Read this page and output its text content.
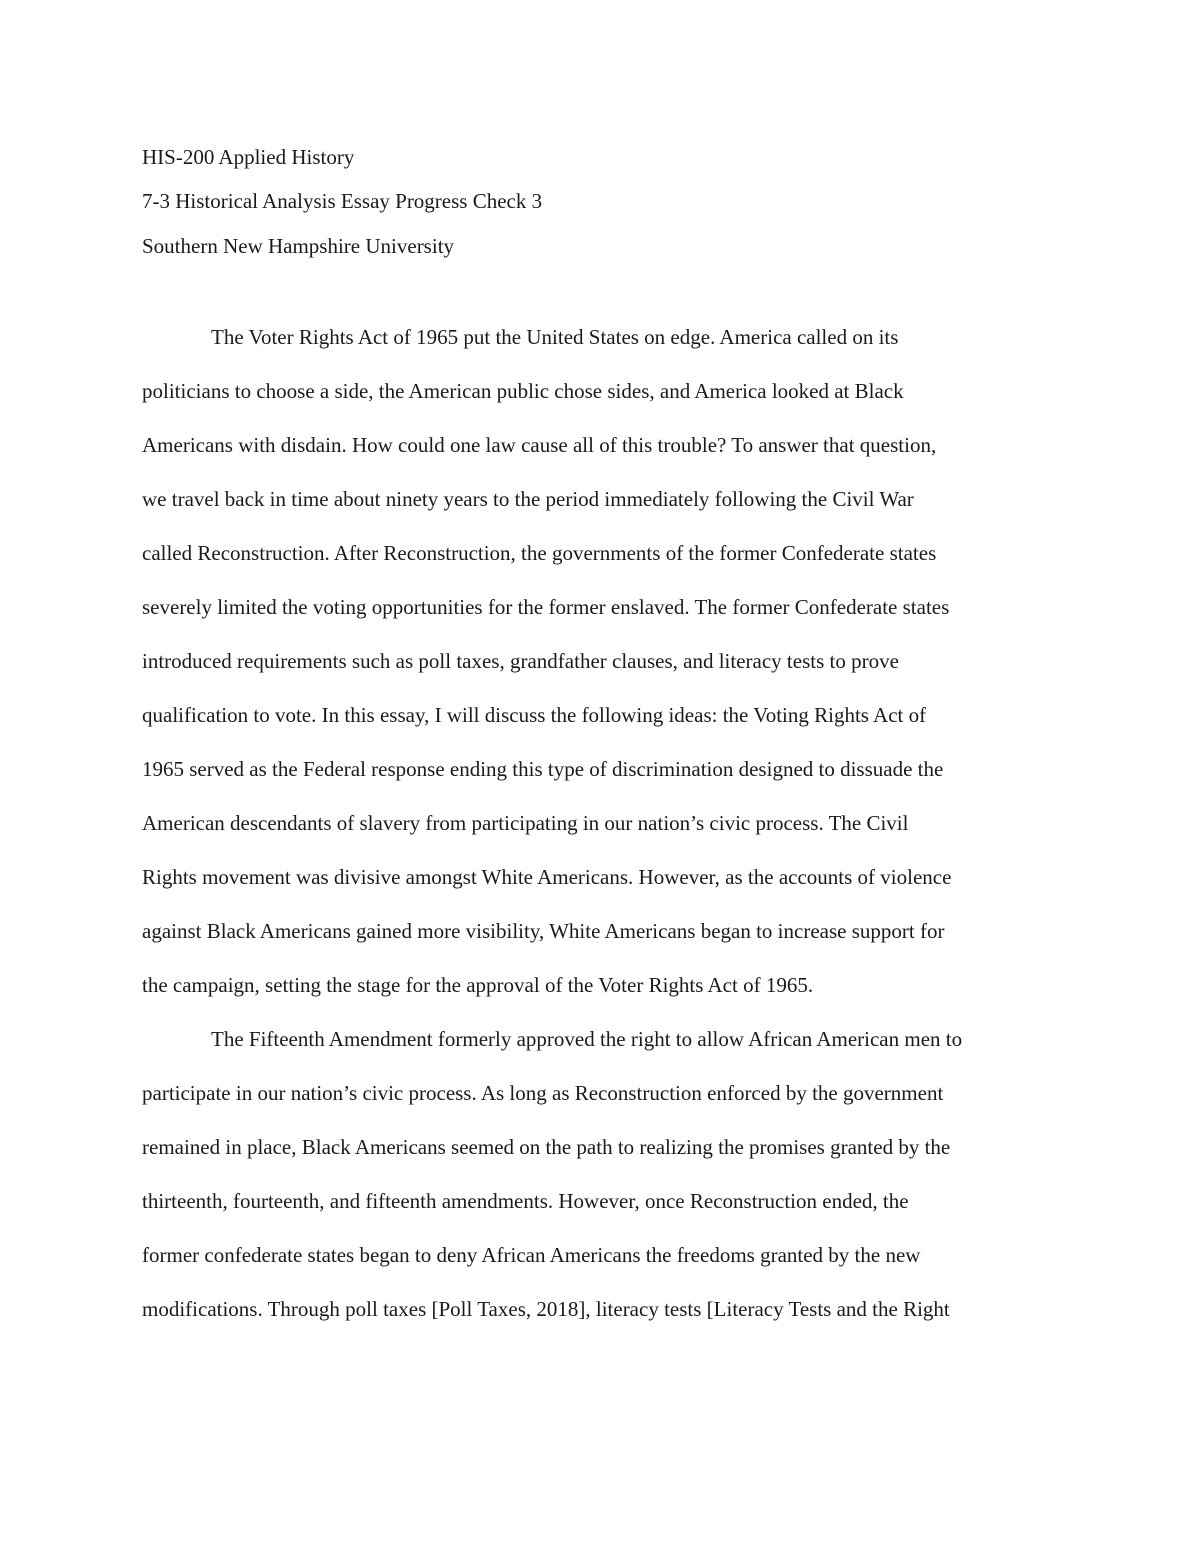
HIS-200 Applied History

7-3 Historical Analysis Essay Progress Check 3

Southern New Hampshire University

The Voter Rights Act of 1965 put the United States on edge. America called on its

politicians to choose a side, the American public chose sides, and America looked at Black

Americans with disdain. How could one law cause all of this trouble? To answer that question,

we travel back in time about ninety years to the period immediately following the Civil War

called Reconstruction. After Reconstruction, the governments of the former Confederate states

severely limited the voting opportunities for the former enslaved. The former Confederate states

introduced requirements such as poll taxes, grandfather clauses, and literacy tests to prove

qualification to vote. In this essay, I will discuss the following ideas: the Voting Rights Act of

1965 served as the Federal response ending this type of discrimination designed to dissuade the

American descendants of slavery from participating in our nation’s civic process. The Civil

Rights movement was divisive amongst White Americans. However, as the accounts of violence

against Black Americans gained more visibility, White Americans began to increase support for

the campaign, setting the stage for the approval of the Voter Rights Act of 1965.

The Fifteenth Amendment formerly approved the right to allow African American men to

participate in our nation’s civic process. As long as Reconstruction enforced by the government

remained in place, Black Americans seemed on the path to realizing the promises granted by the

thirteenth, fourteenth, and fifteenth amendments. However, once Reconstruction ended, the

former confederate states began to deny African Americans the freedoms granted by the new

modifications. Through poll taxes [Poll Taxes, 2018], literacy tests [Literacy Tests and the Right
